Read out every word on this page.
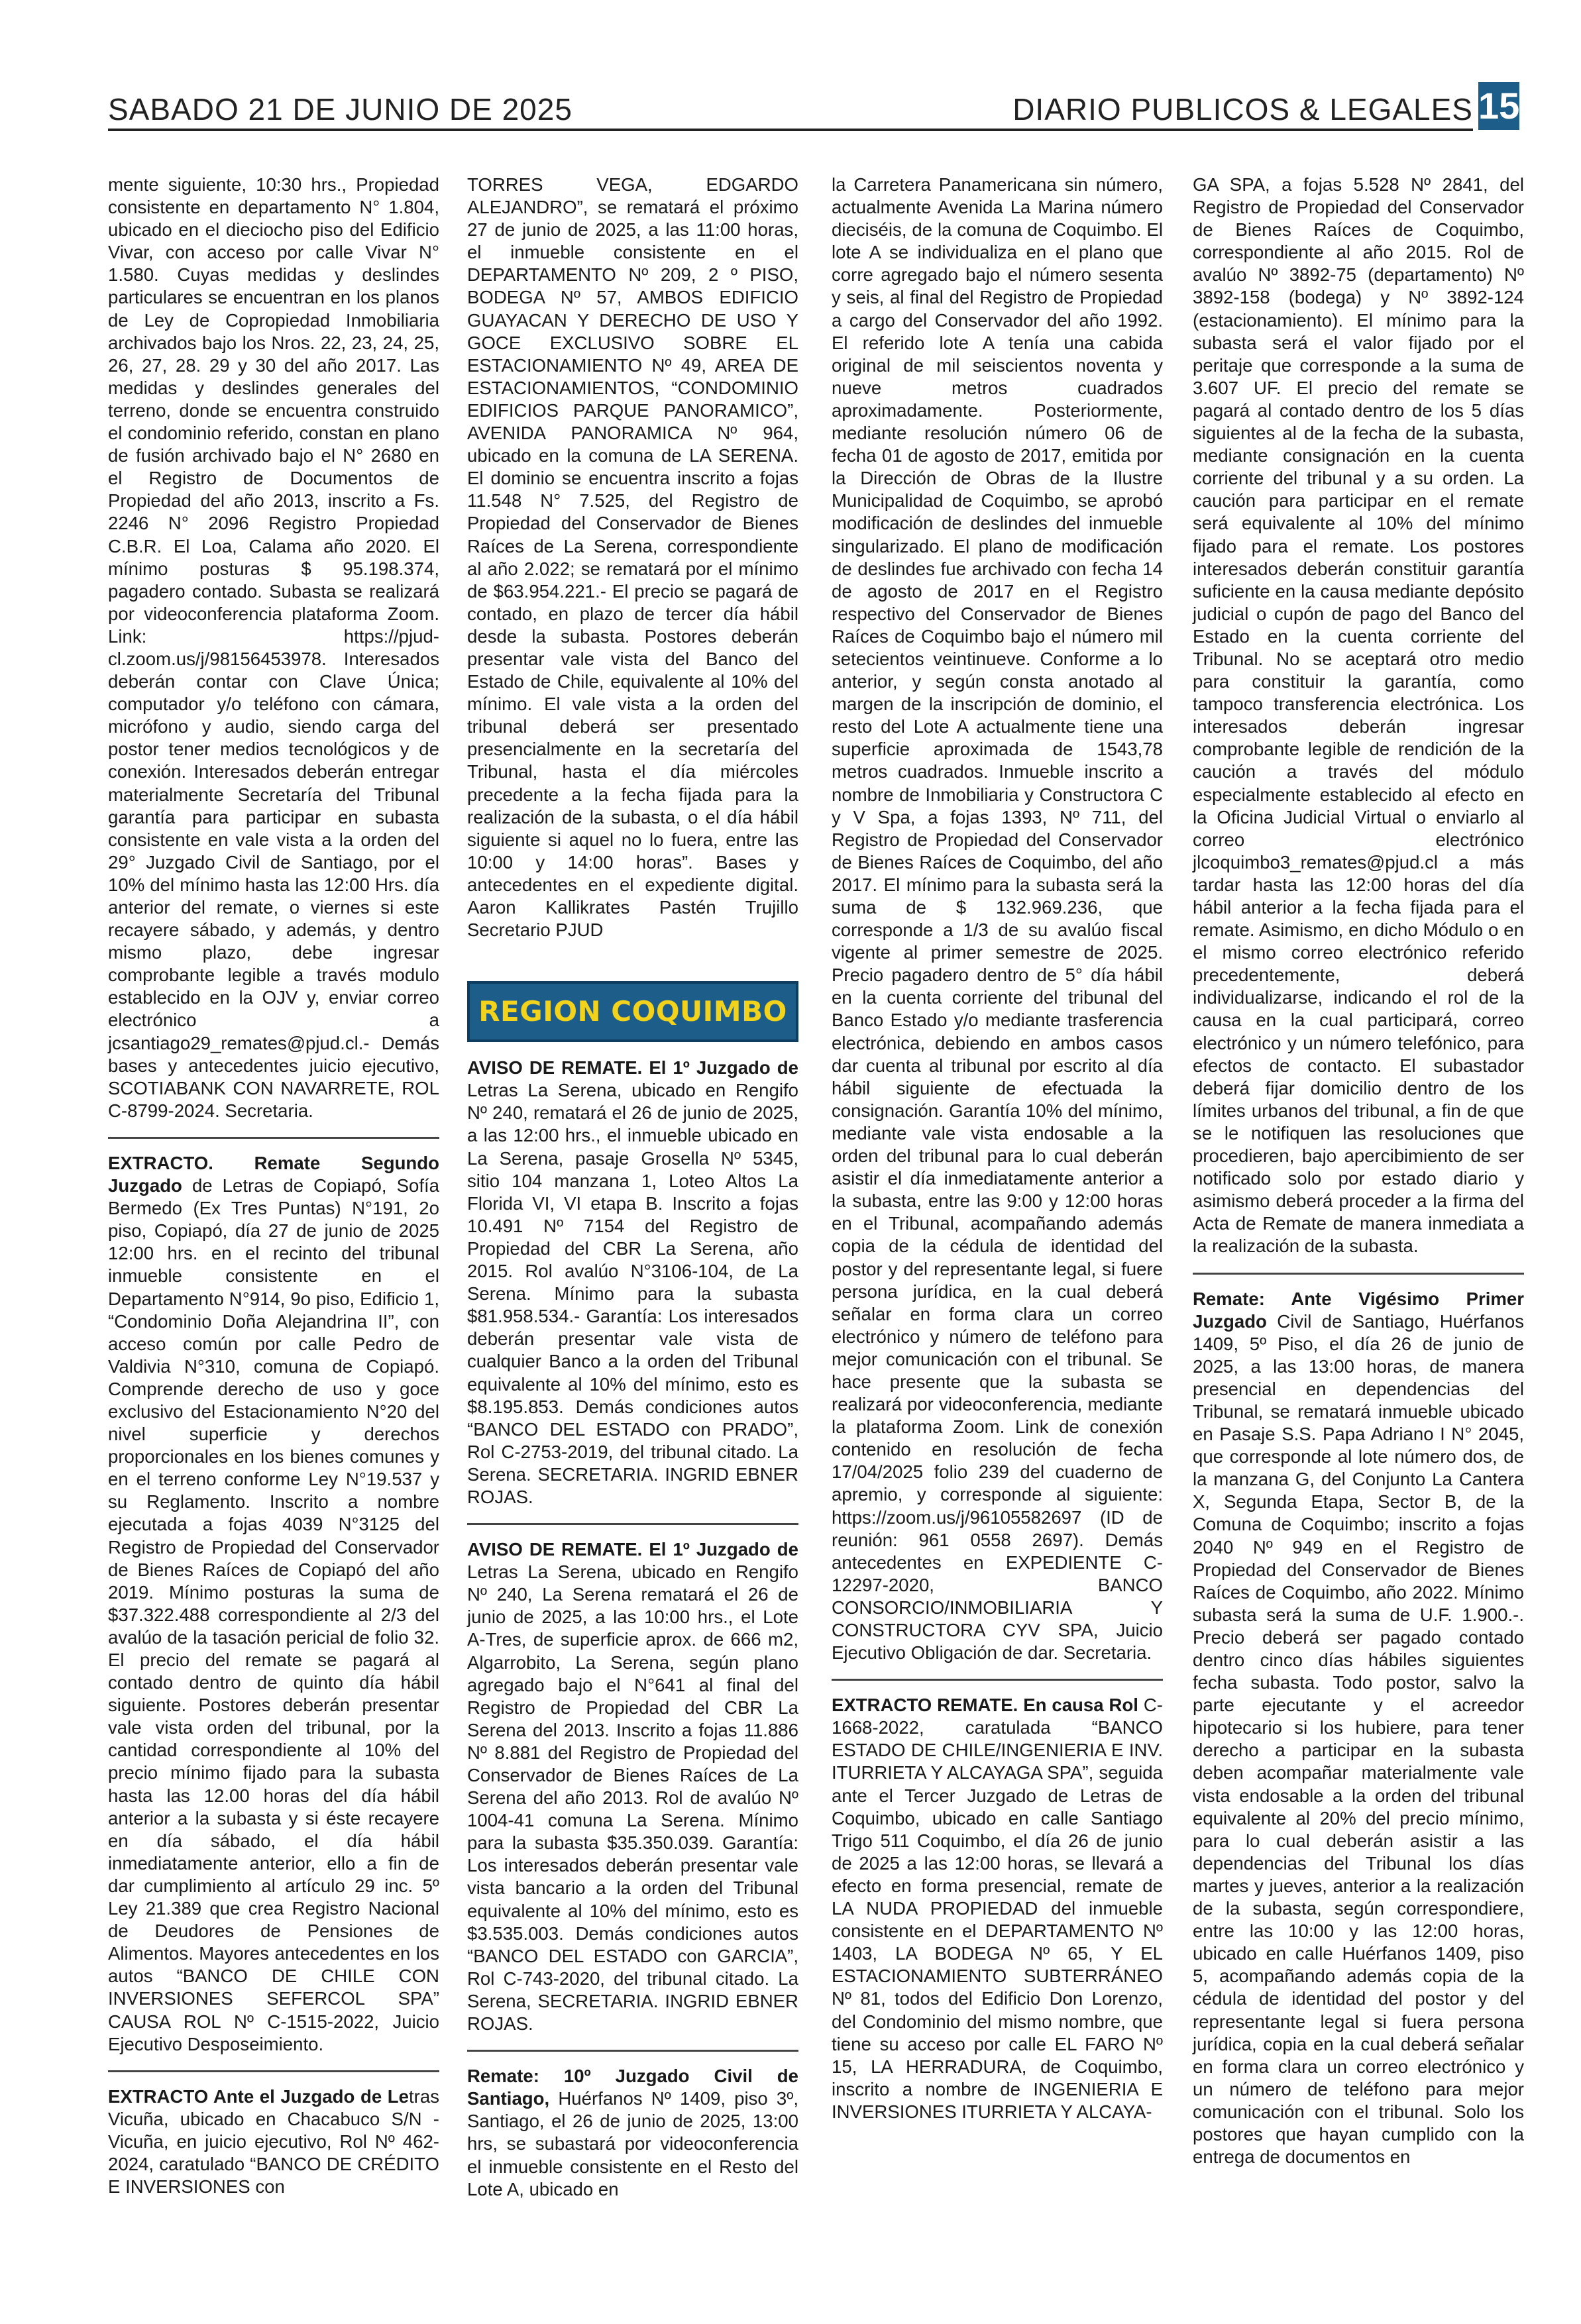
SABADO 21 DE JUNIO DE 2025	DIARIO PUBLICOS & LEGALES 15

mente siguiente, 10:30 hrs., Propiedad consistente en departamento N° 1.804, ubicado en el dieciocho piso del Edificio Vivar, con acceso por calle Vivar N° 1.580. Cuyas medidas y deslindes particulares se encuentran en los planos de Ley de Copropiedad Inmobiliaria archivados bajo los Nros. 22, 23, 24, 25, 26, 27, 28. 29 y 30 del año 2017. Las medidas y deslindes generales del terreno, donde se encuentra construido el condominio referido, constan en plano de fusión archivado bajo el N° 2680 en el Registro de Documentos de Propiedad del año 2013, inscrito a Fs. 2246 N° 2096 Registro Propiedad C.B.R. El Loa, Calama año 2020. El mínimo posturas $ 95.198.374, pagadero contado. Subasta se realizará por videoconferencia plataforma Zoom. Link: https://pjud-cl.zoom.us/j/98156453978. Interesados deberán contar con Clave Única; computador y/o teléfono con cámara, micrófono y audio, siendo carga del postor tener medios tecnológicos y de conexión. Interesados deberán entregar materialmente Secretaría del Tribunal garantía para participar en subasta consistente en vale vista a la orden del 29° Juzgado Civil de Santiago, por el 10% del mínimo hasta las 12:00 Hrs. día anterior del remate, o viernes si este recayere sábado, y además, y dentro mismo plazo, debe ingresar comprobante legible a través modulo establecido en la OJV y, enviar correo electrónico a jcsantiago29_remates@pjud.cl.- Demás bases y antecedentes juicio ejecutivo, SCOTIABANK CON NAVARRETE, ROL C-8799-2024. Secretaria.

EXTRACTO. Remate Segundo Juzgado de Letras de Copiapó, Sofía Bermedo (Ex Tres Puntas) N°191, 2o piso, Copiapó, día 27 de junio de 2025 12:00 hrs. en el recinto del tribunal inmueble consistente en el Departamento N°914, 9o piso, Edificio 1, “Condominio Doña Alejandrina II”, con acceso común por calle Pedro de Valdivia N°310, comuna de Copiapó. Comprende derecho de uso y goce exclusivo del Estacionamiento N°20 del nivel superficie y derechos proporcionales en los bienes comunes y en el terreno conforme Ley N°19.537 y su Reglamento. Inscrito a nombre ejecutada a fojas 4039 N°3125 del Registro de Propiedad del Conservador de Bienes Raíces de Copiapó del año 2019. Mínimo posturas la suma de $37.322.488 correspondiente al 2/3 del avalúo de la tasación pericial de folio 32. El precio del remate se pagará al contado dentro de quinto día hábil siguiente. Postores deberán presentar vale vista orden del tribunal, por la cantidad correspondiente al 10% del precio mínimo fijado para la subasta hasta las 12.00 horas del día hábil anterior a la subasta y si éste recayere en día sábado, el día hábil inmediatamente anterior, ello a fin de dar cumplimiento al artículo 29 inc. 5º Ley 21.389 que crea Registro Nacional de Deudores de Pensiones de Alimentos. Mayores antecedentes en los autos “BANCO DE CHILE CON INVERSIONES SEFERCOL SPA” CAUSA ROL Nº C-1515-2022, Juicio Ejecutivo Desposeimiento.

EXTRACTO Ante el Juzgado de Letras Vicuña, ubicado en Chacabuco S/N - Vicuña, en juicio ejecutivo, Rol Nº 462-2024, caratulado “BANCO DE CRÉDITO E INVERSIONES con

TORRES VEGA, EDGARDO ALEJANDRO”, se rematará el próximo 27 de junio de 2025, a las 11:00 horas, el inmueble consistente en el DEPARTAMENTO Nº 209, 2 º PISO, BODEGA Nº 57, AMBOS EDIFICIO GUAYACAN Y DERECHO DE USO Y GOCE EXCLUSIVO SOBRE EL ESTACIONAMIENTO Nº 49, AREA DE ESTACIONAMIENTOS, “CONDOMINIO EDIFICIOS PARQUE PANORAMICO”, AVENIDA PANORAMICA Nº 964, ubicado en la comuna de LA SERENA. El dominio se encuentra inscrito a fojas 11.548 N° 7.525, del Registro de Propiedad del Conservador de Bienes Raíces de La Serena, correspondiente al año 2.022; se rematará por el mínimo de $63.954.221.- El precio se pagará de contado, en plazo de tercer día hábil desde la subasta. Postores deberán presentar vale vista del Banco del Estado de Chile, equivalente al 10% del mínimo. El vale vista a la orden del tribunal deberá ser presentado presencialmente en la secretaría del Tribunal, hasta el día miércoles precedente a la fecha fijada para la realización de la subasta, o el día hábil siguiente si aquel no lo fuera, entre las 10:00 y 14:00 horas”. Bases y antecedentes en el expediente digital. Aaron Kallikrates Pastén Trujillo Secretario PJUD

REGION COQUIMBO

AVISO DE REMATE. El 1º Juzgado de Letras La Serena, ubicado en Rengifo Nº 240, rematará el 26 de junio de 2025, a las 12:00 hrs., el inmueble ubicado en La Serena, pasaje Grosella Nº 5345, sitio 104 manzana 1, Loteo Altos La Florida VI, VI etapa B. Inscrito a fojas 10.491 Nº 7154 del Registro de Propiedad del CBR La Serena, año 2015. Rol avalúo N°3106-104, de La Serena. Mínimo para la subasta $81.958.534.- Garantía: Los interesados deberán presentar vale vista de cualquier Banco a la orden del Tribunal equivalente al 10% del mínimo, esto es $8.195.853. Demás condiciones autos “BANCO DEL ESTADO con PRADO”, Rol C-2753-2019, del tribunal citado. La Serena. SECRETARIA. INGRID EBNER ROJAS.

AVISO DE REMATE. El 1º Juzgado de Letras La Serena, ubicado en Rengifo Nº 240, La Serena rematará el 26 de junio de 2025, a las 10:00 hrs., el Lote A-Tres, de superficie aprox. de 666 m2, Algarrobito, La Serena, según plano agregado bajo el N°641 al final del Registro de Propiedad del CBR La Serena del 2013. Inscrito a fojas 11.886 Nº 8.881 del Registro de Propiedad del Conservador de Bienes Raíces de La Serena del año 2013. Rol de avalúo Nº 1004-41 comuna La Serena. Mínimo para la subasta $35.350.039. Garantía: Los interesados deberán presentar vale vista bancario a la orden del Tribunal equivalente al 10% del mínimo, esto es $3.535.003. Demás condiciones autos “BANCO DEL ESTADO con GARCIA”, Rol C-743-2020, del tribunal citado. La Serena, SECRETARIA. INGRID EBNER ROJAS.

Remate: 10º Juzgado Civil de Santiago, Huérfanos Nº 1409, piso 3º, Santiago, el 26 de junio de 2025, 13:00 hrs, se subastará por videoconferencia el inmueble consistente en el Resto del Lote A, ubicado en

la Carretera Panamericana sin número, actualmente Avenida La Marina número dieciséis, de la comuna de Coquimbo. El lote A se individualiza en el plano que corre agregado bajo el número sesenta y seis, al final del Registro de Propiedad a cargo del Conservador del año 1992. El referido lote A tenía una cabida original de mil seiscientos noventa y nueve metros cuadrados aproximadamente. Posteriormente, mediante resolución número 06 de fecha 01 de agosto de 2017, emitida por la Dirección de Obras de la Ilustre Municipalidad de Coquimbo, se aprobó modificación de deslindes del inmueble singularizado. El plano de modificación de deslindes fue archivado con fecha 14 de agosto de 2017 en el Registro respectivo del Conservador de Bienes Raíces de Coquimbo bajo el número mil setecientos veintinueve. Conforme a lo anterior, y según consta anotado al margen de la inscripción de dominio, el resto del Lote A actualmente tiene una superficie aproximada de 1543,78 metros cuadrados. Inmueble inscrito a nombre de Inmobiliaria y Constructora C y V Spa, a fojas 1393, Nº 711, del Registro de Propiedad del Conservador de Bienes Raíces de Coquimbo, del año 2017. El mínimo para la subasta será la suma de $ 132.969.236, que corresponde a 1/3 de su avalúo fiscal vigente al primer semestre de 2025. Precio pagadero dentro de 5° día hábil en la cuenta corriente del tribunal del Banco Estado y/o mediante trasferencia electrónica, debiendo en ambos casos dar cuenta al tribunal por escrito al día hábil siguiente de efectuada la consignación. Garantía 10% del mínimo, mediante vale vista endosable a la orden del tribunal para lo cual deberán asistir el día inmediatamente anterior a la subasta, entre las 9:00 y 12:00 horas en el Tribunal, acompañando además copia de la cédula de identidad del postor y del representante legal, si fuere persona jurídica, en la cual deberá señalar en forma clara un correo electrónico y número de teléfono para mejor comunicación con el tribunal. Se hace presente que la subasta se realizará por videoconferencia, mediante la plataforma Zoom. Link de conexión contenido en resolución de fecha 17/04/2025 folio 239 del cuaderno de apremio, y corresponde al siguiente: https://zoom.us/j/96105582697 (ID de reunión: 961 0558 2697). Demás antecedentes en EXPEDIENTE C-12297-2020, BANCO CONSORCIO/INMOBILIARIA Y CONSTRUCTORA CYV SPA, Juicio Ejecutivo Obligación de dar. Secretaria.

EXTRACTO REMATE. En causa Rol C-1668-2022, caratulada “BANCO ESTADO DE CHILE/INGENIERIA E INV. ITURRIETA Y ALCAYAGA SPA”, seguida ante el Tercer Juzgado de Letras de Coquimbo, ubicado en calle Santiago Trigo 511 Coquimbo, el día 26 de junio de 2025 a las 12:00 horas, se llevará a efecto en forma presencial, remate de LA NUDA PROPIEDAD del inmueble consistente en el DEPARTAMENTO Nº 1403, LA BODEGA Nº 65, Y EL ESTACIONAMIENTO SUBTERRÁNEO Nº 81, todos del Edificio Don Lorenzo, del Condominio del mismo nombre, que tiene su acceso por calle EL FARO Nº 15, LA HERRADURA, de Coquimbo, inscrito a nombre de INGENIERIA E INVERSIONES ITURRIETA Y ALCAYA-

GA SPA, a fojas 5.528 Nº 2841, del Registro de Propiedad del Conservador de Bienes Raíces de Coquimbo, correspondiente al año 2015. Rol de avalúo Nº 3892-75 (departamento) Nº 3892-158 (bodega) y Nº 3892-124 (estacionamiento). El mínimo para la subasta será el valor fijado por el peritaje que corresponde a la suma de 3.607 UF. El precio del remate se pagará al contado dentro de los 5 días siguientes al de la fecha de la subasta, mediante consignación en la cuenta corriente del tribunal y a su orden. La caución para participar en el remate será equivalente al 10% del mínimo fijado para el remate. Los postores interesados deberán constituir garantía suficiente en la causa mediante depósito judicial o cupón de pago del Banco del Estado en la cuenta corriente del Tribunal. No se aceptará otro medio para constituir la garantía, como tampoco transferencia electrónica. Los interesados deberán ingresar comprobante legible de rendición de la caución a través del módulo especialmente establecido al efecto en la Oficina Judicial Virtual o enviarlo al correo electrónico jlcoquimbo3_remates@pjud.cl a más tardar hasta las 12:00 horas del día hábil anterior a la fecha fijada para el remate. Asimismo, en dicho Módulo o en el mismo correo electrónico referido precedentemente, deberá individualizarse, indicando el rol de la causa en la cual participará, correo electrónico y un número telefónico, para efectos de contacto. El subastador deberá fijar domicilio dentro de los límites urbanos del tribunal, a fin de que se le notifiquen las resoluciones que procedieren, bajo apercibimiento de ser notificado solo por estado diario y asimismo deberá proceder a la firma del Acta de Remate de manera inmediata a la realización de la subasta.

Remate: Ante Vigésimo Primer Juzgado Civil de Santiago, Huérfanos 1409, 5º Piso, el día 26 de junio de 2025, a las 13:00 horas, de manera presencial en dependencias del Tribunal, se rematará inmueble ubicado en Pasaje S.S. Papa Adriano I N° 2045, que corresponde al lote número dos, de la manzana G, del Conjunto La Cantera X, Segunda Etapa, Sector B, de la Comuna de Coquimbo; inscrito a fojas 2040 Nº 949 en el Registro de Propiedad del Conservador de Bienes Raíces de Coquimbo, año 2022. Mínimo subasta será la suma de U.F. 1.900.-. Precio deberá ser pagado contado dentro cinco días hábiles siguientes fecha subasta. Todo postor, salvo la parte ejecutante y el acreedor hipotecario si los hubiere, para tener derecho a participar en la subasta deben acompañar materialmente vale vista endosable a la orden del tribunal equivalente al 20% del precio mínimo, para lo cual deberán asistir a las dependencias del Tribunal los días martes y jueves, anterior a la realización de la subasta, según correspondiere, entre las 10:00 y las 12:00 horas, ubicado en calle Huérfanos 1409, piso 5, acompañando además copia de la cédula de identidad del postor y del representante legal si fuera persona jurídica, copia en la cual deberá señalar en forma clara un correo electrónico y un número de teléfono para mejor comunicación con el tribunal. Solo los postores que hayan cumplido con la entrega de documentos en
